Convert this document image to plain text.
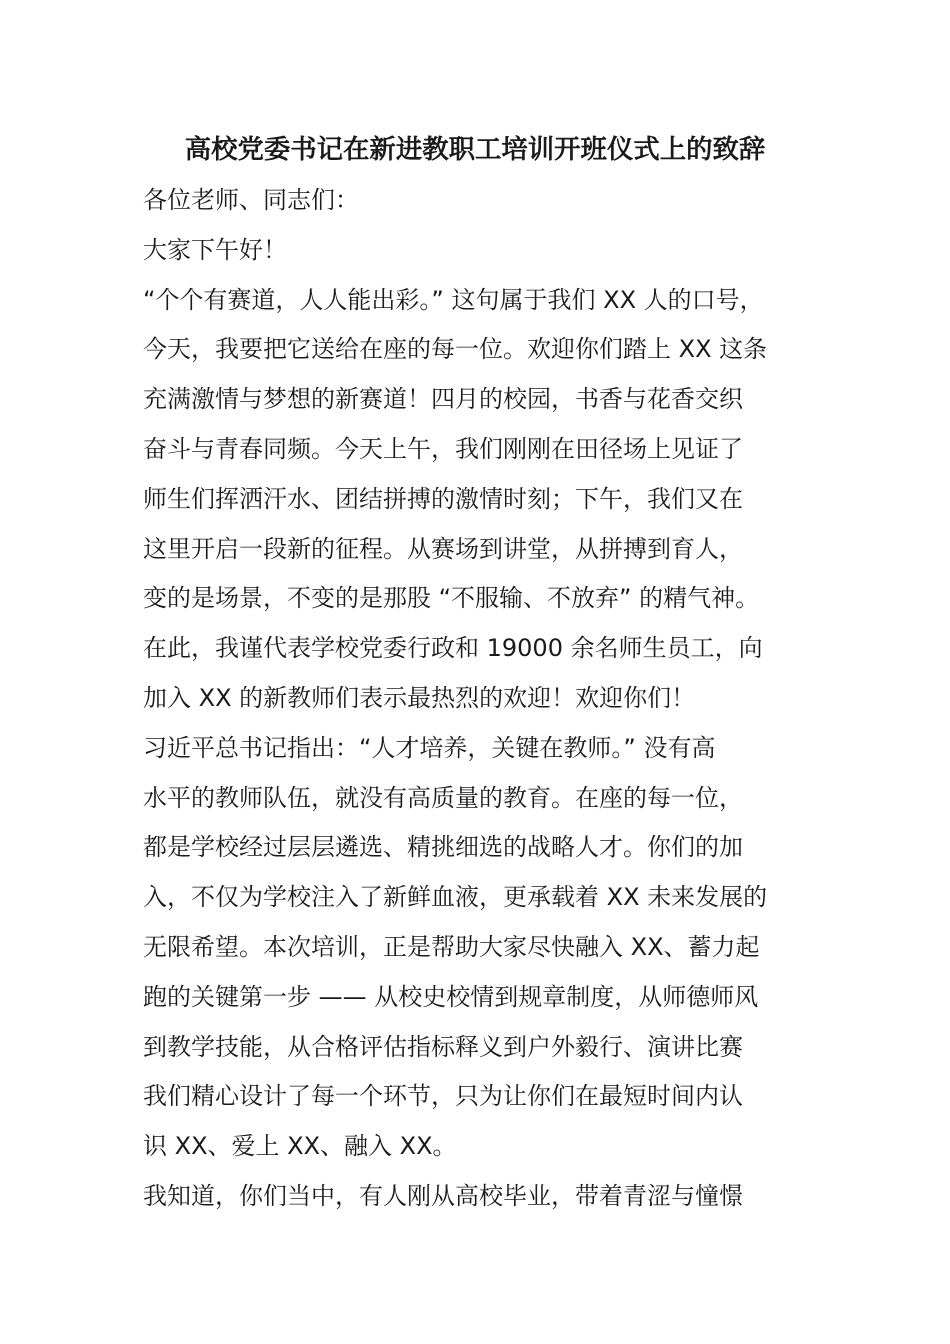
高校党委书记在新进教职工培训开班仪式上的致辞
各位老师、同志们：
大家下午好！
“个个有赛道，人人能出彩。” 这句属于我们 XX 人的口号，
今天，我要把它送给在座的每一位。欢迎你们踏上 XX 这条
充满激情与梦想的新赛道！四月的校园，书香与花香交织
奋斗与青春同频。今天上午，我们刚刚在田径场上见证了
师生们挥洒汗水、团结拼搏的激情时刻；下午，我们又在
这里开启一段新的征程。从赛场到讲堂，从拼搏到育人，
变的是场景，不变的是那股 “不服输、不放弃” 的精气神。
在此，我谨代表学校党委行政和 19000 余名师生员工，向
加入 XX 的新教师们表示最热烈的欢迎！欢迎你们！
习近平总书记指出：“人才培养，关键在教师。” 没有高
水平的教师队伍，就没有高质量的教育。在座的每一位，
都是学校经过层层遴选、精挑细选的战略人才。你们的加
入，不仅为学校注入了新鲜血液，更承载着 XX 未来发展的
无限希望。本次培训，正是帮助大家尽快融入 XX、蓄力起
跑的关键第一步 —— 从校史校情到规章制度，从师德师风
到教学技能，从合格评估指标释义到户外毅行、演讲比赛
我们精心设计了每一个环节，只为让你们在最短时间内认
识 XX、爱上 XX、融入 XX。
我知道，你们当中，有人刚从高校毕业，带着青涩与憧憬
